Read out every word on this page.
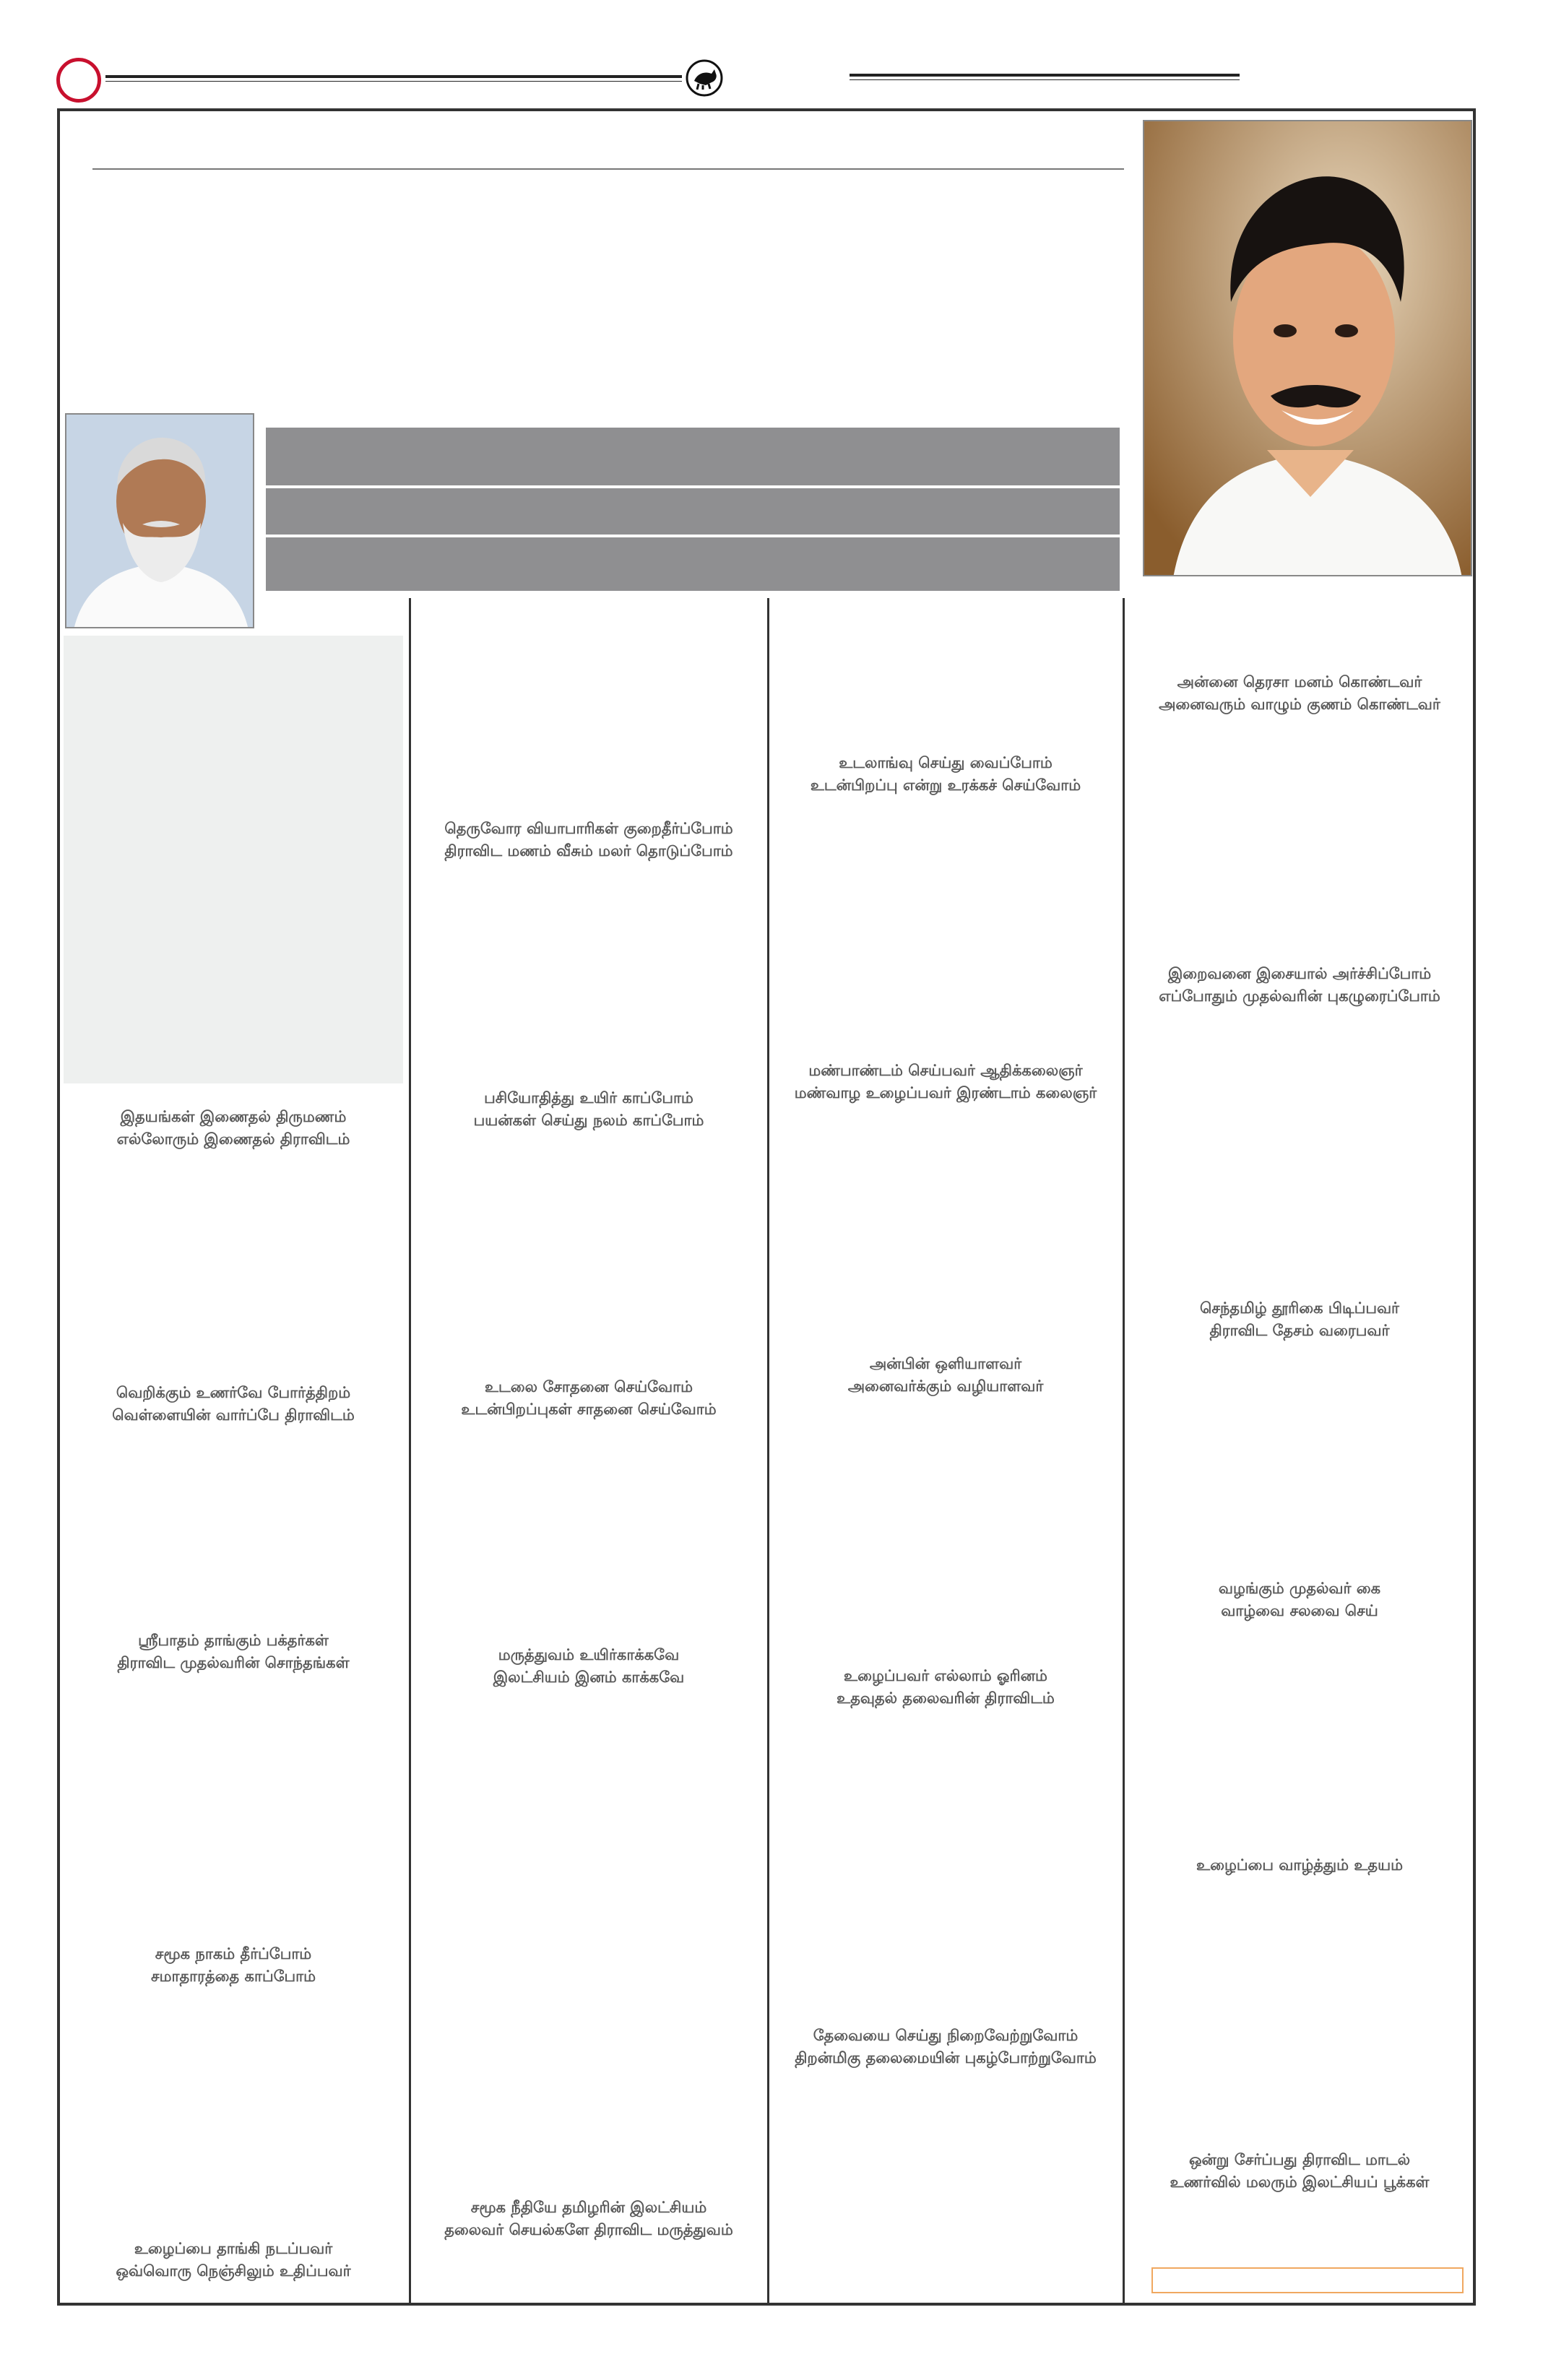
இதயங்கள் இணைதல் திருமணம்
எல்லோரும் இணைதல் திராவிடம்
வெறிக்கும் உணர்வே போர்த்திறம்
வெள்ளையின் வார்ப்பே திராவிடம்
ஸ்ரீபாதம் தாங்கும் பக்தர்கள்
திராவிட முதல்வரின் சொந்தங்கள்
சமூக நாகம் தீர்ப்போம்
சமாதாரத்தை காப்போம்
உழைப்பை தாங்கி நடப்பவர்
ஒவ்வொரு நெஞ்சிலும் உதிப்பவர்
தெருவோர வியாபாரிகள் குறைதீர்ப்போம்
திராவிட மணம் வீசும் மலர் தொடுப்போம்
பசியோதித்து உயிர் காப்போம்
பயன்கள் செய்து நலம் காப்போம்
உடலை சோதனை செய்வோம்
உடன்பிறப்புகள் சாதனை செய்வோம்
மருத்துவம் உயிர்காக்கவே
இலட்சியம் இனம் காக்கவே
சமூக நீதியே தமிழரின் இலட்சியம்
தலைவர் செயல்களே திராவிட மருத்துவம்
உடலாங்வு செய்து வைப்போம்
உடன்பிறப்பு என்று உரக்கச் செய்வோம்
மண்பாண்டம் செய்பவர் ஆதிக்கலைஞர்
மண்வாழ உழைப்பவர் இரண்டாம் கலைஞர்
அன்பின் ஒளியாளவர்
அனைவர்க்கும் வழியாளவர்
உழைப்பவர் எல்லாம் ஓரினம்
உதவுதல் தலைவரின் திராவிடம்
தேவையை செய்து நிறைவேற்றுவோம்
திறன்மிகு தலைமையின் புகழ்போற்றுவோம்
அன்னை தெரசா மனம் கொண்டவர்
அனைவரும் வாழும் குணம் கொண்டவர்
இறைவனை இசையால் அர்ச்சிப்போம்
எப்போதும் முதல்வரின் புகழுரைப்போம்
செந்தமிழ் தூரிகை பிடிப்பவர்
திராவிட தேசம் வரைபவர்
வழங்கும் முதல்வர் கை
வாழ்வை சலவை செய்
உழைப்பை வாழ்த்தும் உதயம்
ஒன்று சேர்ப்பது திராவிட மாடல்
உணர்வில் மலரும் இலட்சியப் பூக்கள்
